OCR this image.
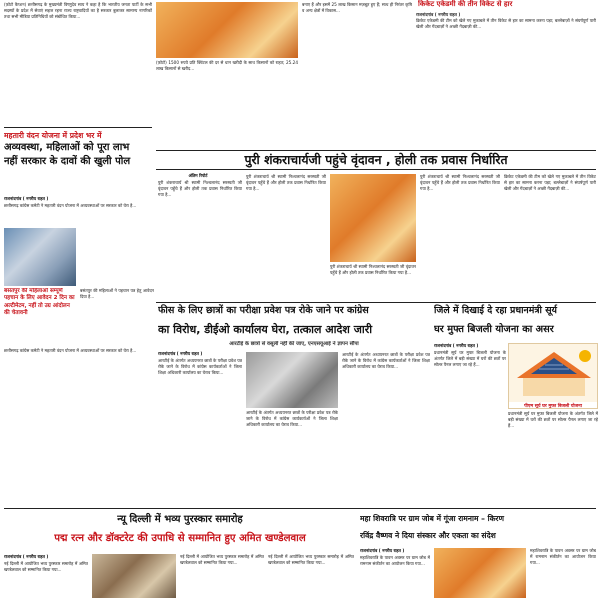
(फ़ोटो कैप्शन) छत्तीसगढ़ के मुख्यमंत्री विष्णुदेव साय ने कहा है कि भारतीय जनता पार्टी के सभी सदस्यों के प्रदेश में सेवाएं सहज रहना राज्य राष्ट्रवादियों का है सरकार बुलाकर सामान्य नागरिकों तथा सभी मीडिया प्रतिनिधियों को संबोधित किया...
(फ़ोटो) 1500 रुपये प्रति क्विंटल की दर से धान खरीदी के साथ किसानों को राहत; 25.24 लाख किसानों से खरीद...
बनाए हैं और इसमें 25 लाख किसान मज़बूत हुए हैं; साथ ही निरंतर कृषि व अन्य क्षेत्रों में विकास...
किकेट एकेडमी की तीन विकेट से हार
राजनांदगांव ( नगरीय राहत )
क्रिकेट एकेडमी की टीम को खेले गए मुकाबले में तीन विकेट से हार का सामना करना पड़ा; बल्लेबाज़ों ने संघर्षपूर्ण पारी खेली और गेंदबाज़ों ने अच्छी गेंदबाज़ी की...
महतारी वंदन योजना में प्रदेश भर में
अव्यवस्था, महिलाओं को पूरा लाभ
नहीं सरकार के दावों की खुली पोल
राजनांदगांव ( नगरीय राहत )
छत्तीसगढ़ कांग्रेस कमेटी ने महतारी वंदन योजना में अव्यवस्थाओं पर सरकार को घेरा है...
बसंतपुर की महिलाओं सम्पूर्ण पहचान के लिए आवेदन 2 दिन का अल्टीमेटम, नहीं तो उग्र आंदोलन की चेतावनी
बसंतपुर की महिलाओं ने पहचान पत्र हेतु आवेदन दिया है...
छत्तीसगढ़ कांग्रेस कमेटी ने महतारी वंदन योजना में अव्यवस्थाओं पर सरकार को घेरा है...
पुरी शंकराचार्यजी पहुंचे वृंदावन , होली तक प्रवास निर्धारित
अंतिम रिपोर्ट
पुरी शंकराचार्य श्री स्वामी निश्चलानंद सरस्वती जी वृंदावन पहुँचे हैं और होली तक प्रवास निर्धारित किया गया है...
पुरी शंकराचार्य श्री स्वामी निश्चलानंद सरस्वती जी वृंदावन पहुँचे हैं और होली तक प्रवास निर्धारित किया गया है...
पुरी शंकराचार्य श्री स्वामी निश्चलानंद सरस्वती जी वृंदावन पहुँचे हैं और होली तक प्रवास निर्धारित किया गया है...
पुरी शंकराचार्य श्री स्वामी निश्चलानंद सरस्वती जी वृंदावन पहुँचे हैं और होली तक प्रवास निर्धारित किया गया है...
क्रिकेट एकेडमी की टीम को खेले गए मुकाबले में तीन विकेट से हार का सामना करना पड़ा; बल्लेबाज़ों ने संघर्षपूर्ण पारी खेली और गेंदबाज़ों ने अच्छी गेंदबाज़ी की...
फीस के लिए छात्रों का परीक्षा प्रवेश पत्र रोके जाने पर कांग्रेस
का विरोध, डीईओ कार्यालय घेरा, तत्काल आदेश जारी
आरटीई के छात्रों से वसूली नहीं की जाए, एनएसयूआई ने ज्ञापन सौंपा
राजनांदगांव ( नगरीय राहत )
आरटीई के अंतर्गत अध्ययनरत छात्रों के परीक्षा प्रवेश पत्र रोके जाने के विरोध में कांग्रेस कार्यकर्ताओं ने जिला शिक्षा अधिकारी कार्यालय का घेराव किया...
आरटीई के अंतर्गत अध्ययनरत छात्रों के परीक्षा प्रवेश पत्र रोके जाने के विरोध में कांग्रेस कार्यकर्ताओं ने जिला शिक्षा अधिकारी कार्यालय का घेराव किया...
आरटीई के अंतर्गत अध्ययनरत छात्रों के परीक्षा प्रवेश पत्र रोके जाने के विरोध में कांग्रेस कार्यकर्ताओं ने जिला शिक्षा अधिकारी कार्यालय का घेराव किया...
जिले में दिखाई दे रहा प्रधानमंत्री सूर्य
घर मुफ्त बिजली योजना का असर
राजनांदगांव ( नगरीय राहत )
प्रधानमंत्री सूर्य घर मुफ्त बिजली योजना के अंतर्गत जिले में बड़ी संख्या में घरों की छतों पर सोलर पैनल लगाए जा रहे हैं...
पीएम सूर्य घर मुफ्त बिजली योजना
प्रधानमंत्री सूर्य घर मुफ्त बिजली योजना के अंतर्गत जिले में बड़ी संख्या में घरों की छतों पर सोलर पैनल लगाए जा रहे हैं...
न्यू दिल्ली में भव्य पुरस्कार समारोह
पद्म रत्न और डॉक्टरेट की उपाधि से सम्मानित हुए अमित खण्डेलवाल
राजनांदगांव ( नगरीय राहत )
नई दिल्ली में आयोजित भव्य पुरस्कार समारोह में अमित खण्डेलवाल को सम्मानित किया गया...
नई दिल्ली में आयोजित भव्य पुरस्कार समारोह में अमित खण्डेलवाल को सम्मानित किया गया...
नई दिल्ली में आयोजित भव्य पुरस्कार समारोह में अमित खण्डेलवाल को सम्मानित किया गया...
महा शिवरात्रि पर ग्राम जोब में गूंजा रामनाम – किरण
रविंद्र वैष्णव ने दिया संस्कार और एकता का संदेश
राजनांदगांव ( नगरीय राहत )
महाशिवरात्रि के पावन अवसर पर ग्राम जोब में रामनाम संकीर्तन का आयोजन किया गया...
महाशिवरात्रि के पावन अवसर पर ग्राम जोब में रामनाम संकीर्तन का आयोजन किया गया...
